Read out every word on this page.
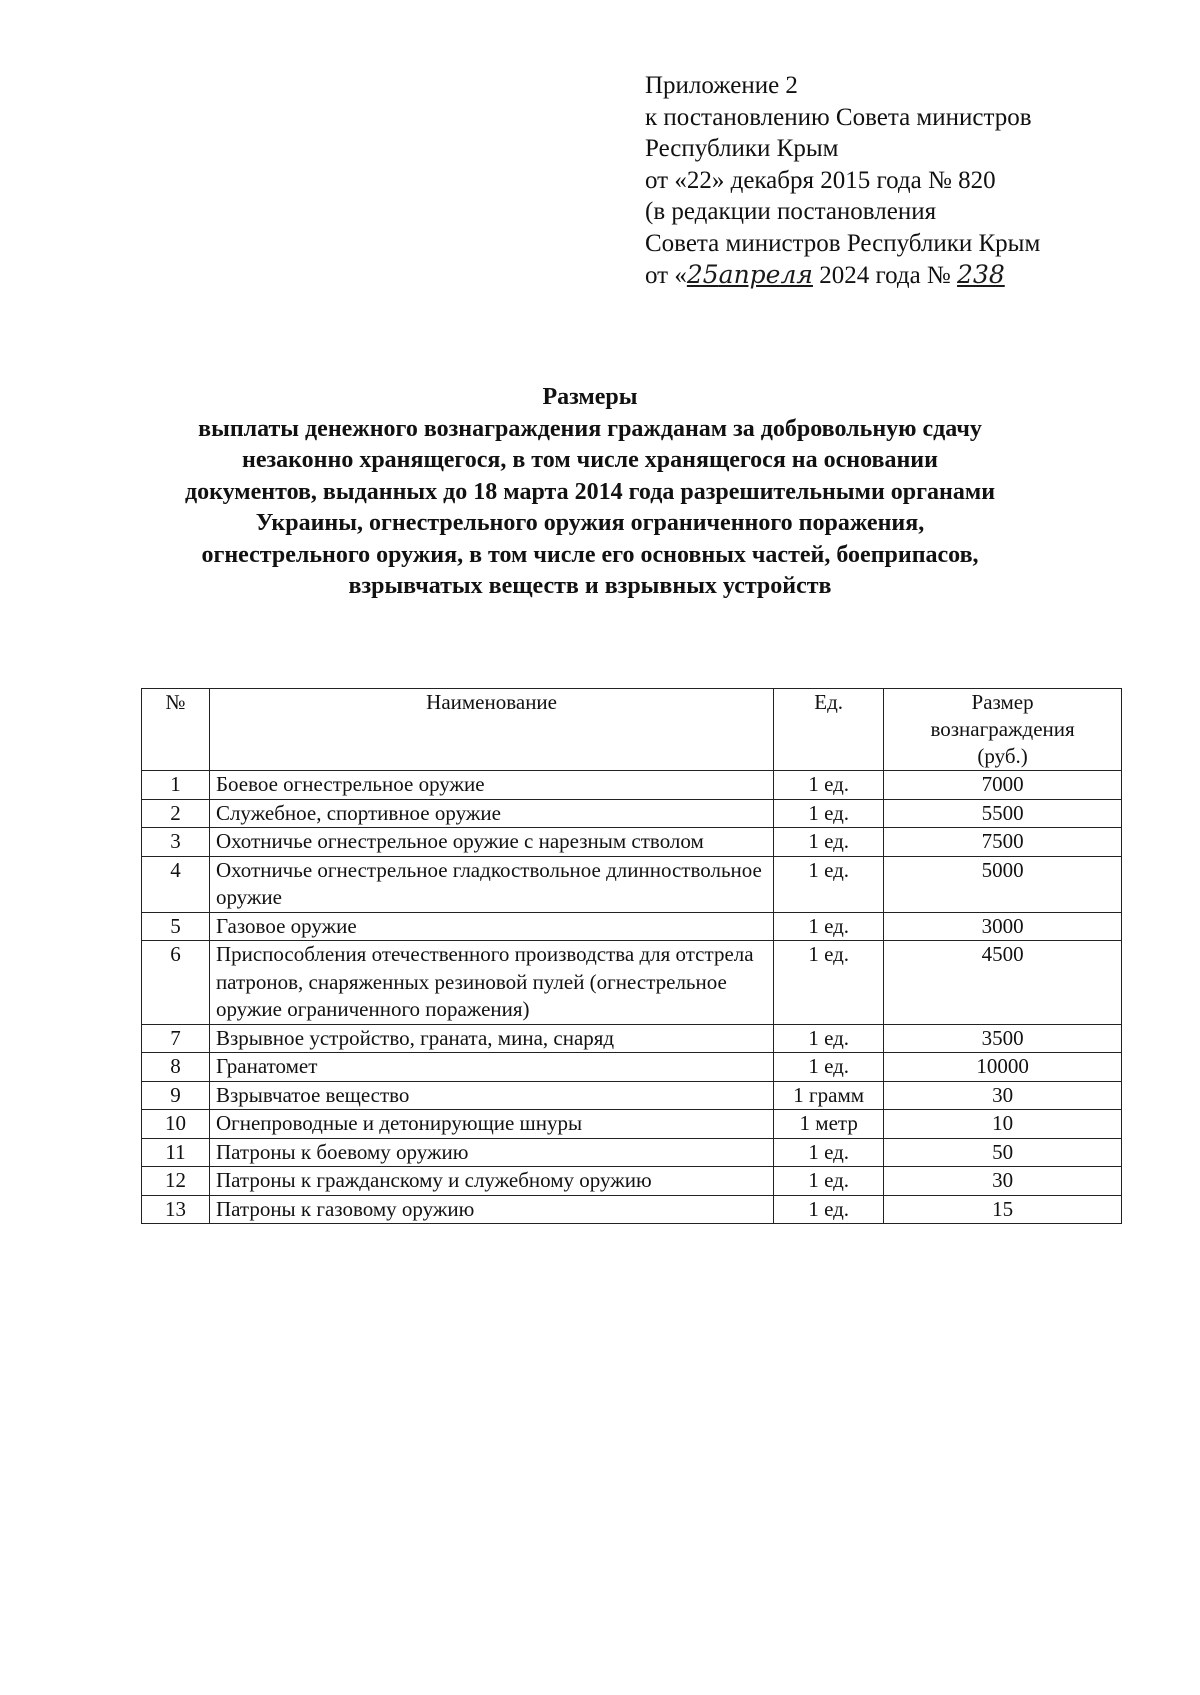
Приложение 2
к постановлению Совета министров
Республики Крым
от «22» декабря 2015 года № 820
(в редакции постановления
Совета министров Республики Крым
от «25апреля 2024 года № 238
Размеры
выплаты денежного вознаграждения гражданам за добровольную сдачу
незаконно хранящегося, в том числе хранящегося на основании
документов, выданных до 18 марта 2014 года разрешительными органами
Украины, огнестрельного оружия ограниченного поражения,
огнестрельного оружия, в том числе его основных частей, боеприпасов,
взрывчатых веществ и взрывных устройств
№	Наименование	Ед.	Размер
вознаграждения
(руб.)

1	Боевое огнестрельное оружие	1 ед.	7000
2	Служебное, спортивное оружие	1 ед.	5500
3	Охотничье огнестрельное оружие с нарезным стволом	1 ед.	7500
4	Охотничье огнестрельное гладкоствольное длинноствольное оружие	1 ед.	5000
5	Газовое оружие	1 ед.	3000
6	Приспособления отечественного производства для отстрела патронов, снаряженных резиновой пулей (огнестрельное оружие ограниченного поражения)	1 ед.	4500
7	Взрывное устройство, граната, мина, снаряд	1 ед.	3500
8	Гранатомет	1 ед.	10000
9	Взрывчатое вещество	1 грамм	30
10	Огнепроводные и детонирующие шнуры	1 метр	10
11	Патроны к боевому оружию	1 ед.	50
12	Патроны к гражданскому и служебному оружию	1 ед.	30
13	Патроны к газовому оружию	1 ед.	15
